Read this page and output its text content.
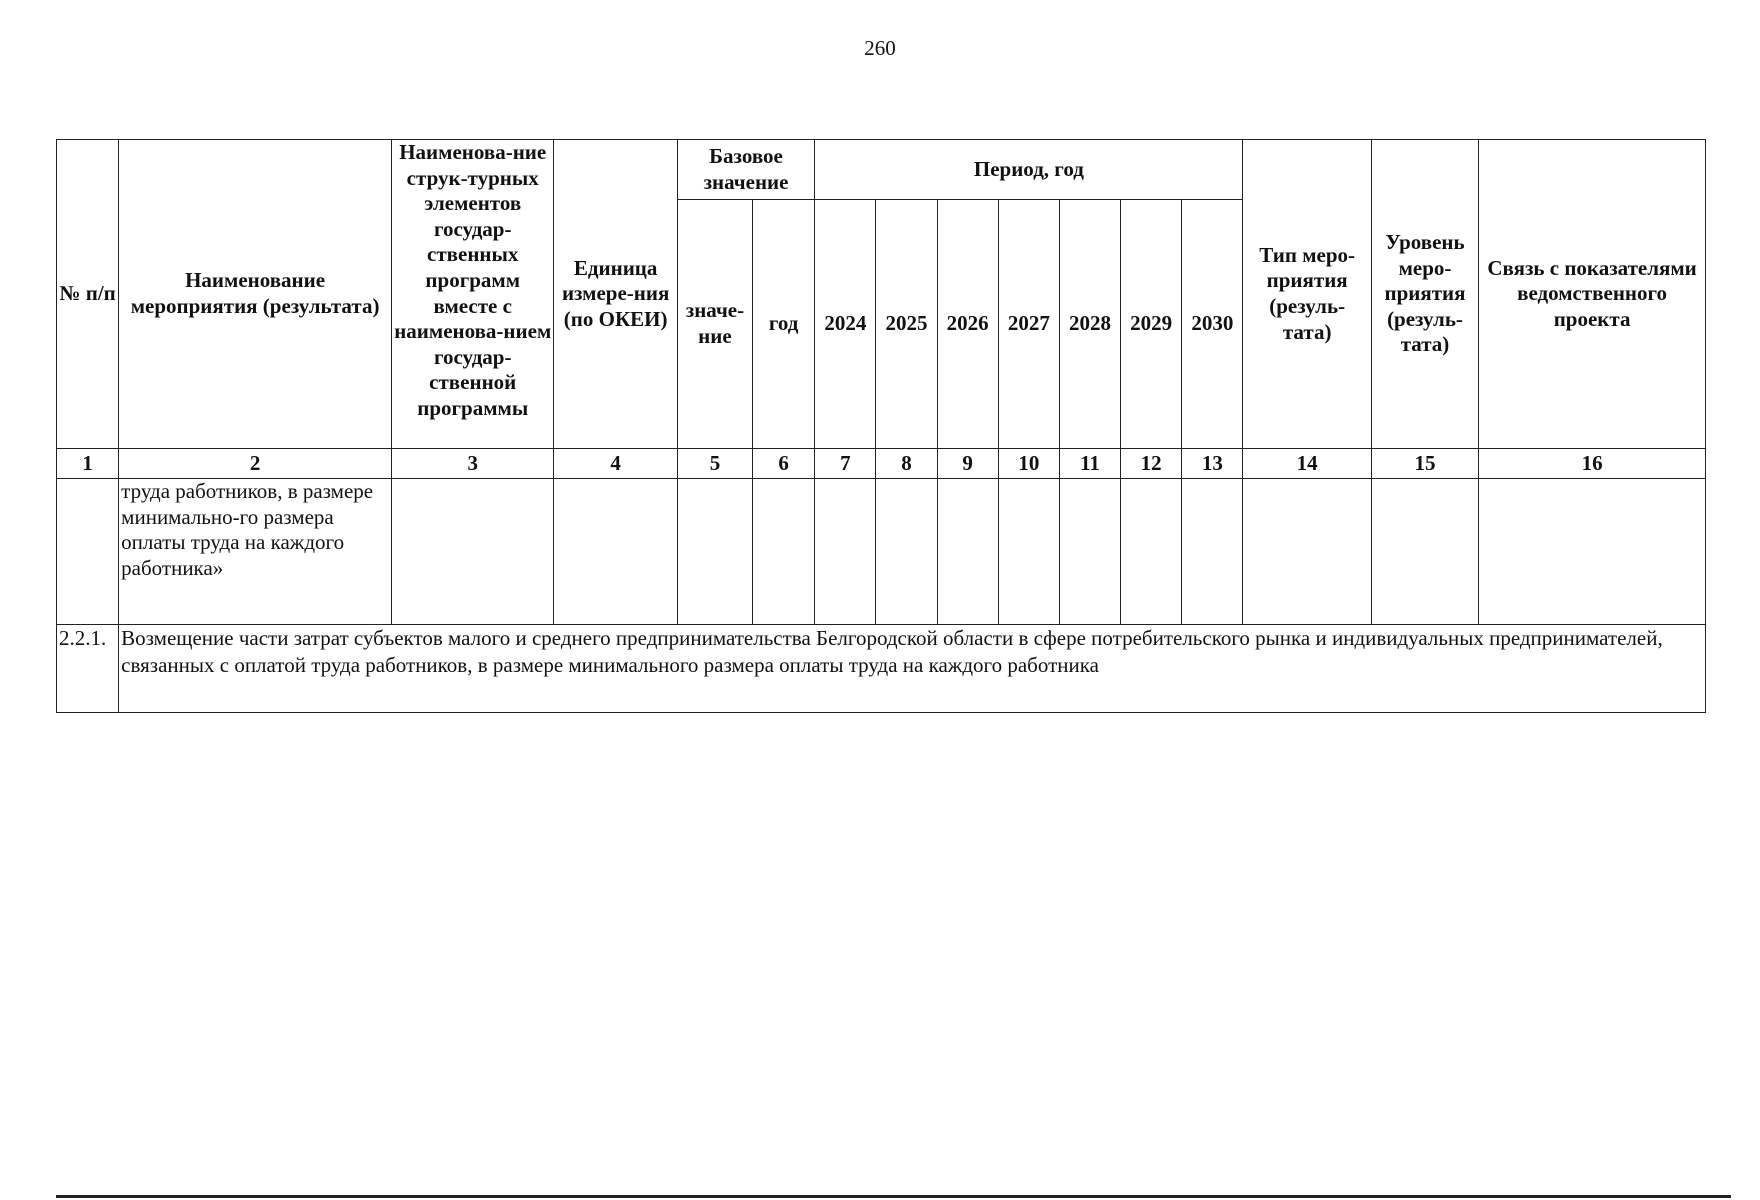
260
№ п/п	Наименование мероприятия (результата)	Наименова-ние струк-турных элементов государ-ственных программ вместе с наименова-нием государ-ственной программы	Единица измере-ния (по ОКЕИ)	Базовое значение		Период, год							Тип меро-приятия (резуль-тата)	Уровень меро-приятия (резуль-тата)	Связь с показателями ведомственного проекта
				значе-ние	год	2024	2025	2026	2027	2028	2029	2030			
1	2	3	4	5	6	7	8	9	10	11	12	13	14	15	16
	труда работников, в размере минимально-го размера оплаты труда на каждого работника»														
2.2.1.	Возмещение части затрат субъектов малого и среднего предпринимательства Белгородской области в сфере потребительского рынка и индивидуальных предпринимателей, связанных с оплатой труда работников, в размере минимального размера оплаты труда на каждого работника														
